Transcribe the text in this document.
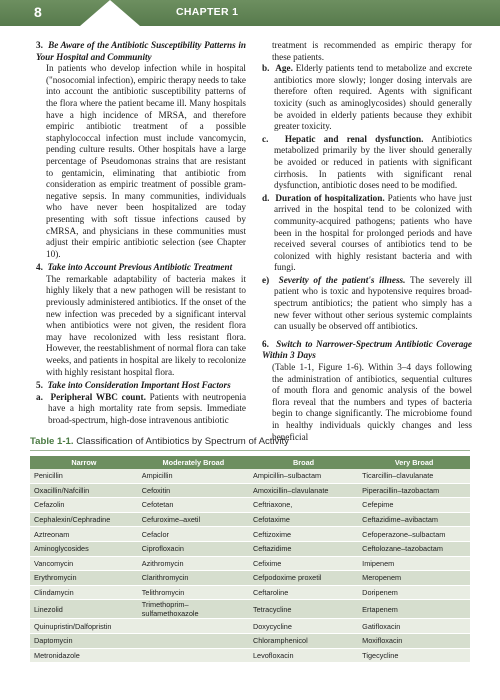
8	CHAPTER 1

3. Be Aware of the Antibiotic Susceptibility Patterns in Your Hospital and Community

In patients who develop infection while in hospital ("nosocomial infection), empiric therapy needs to take into account the antibiotic susceptibility patterns of the flora where the patient became ill. Many hospitals have a high incidence of MRSA, and therefore empiric antibiotic treatment of a possible staphylococcal infection must include vancomycin, pending culture results. Other hospitals have a large percentage of Pseudomonas strains that are resistant to gentamicin, eliminating that antibiotic from consideration as empiric treatment of possible gram-negative sepsis. In many communities, individuals who have never been hospitalized are today presenting with soft tissue infections caused by cMRSA, and physicians in these communities must adjust their empiric antibiotic selection (see Chapter 10).

4. Take into Account Previous Antibiotic Treatment

The remarkable adaptability of bacteria makes it highly likely that a new pathogen will be resistant to previously administered antibiotics. If the onset of the new infection was preceded by a significant interval when antibiotics were not given, the resident flora may have recolonized with less resistant flora. However, the reestablishment of normal flora can take weeks, and patients in hospital are likely to recolonize with highly resistant hospital flora.

5. Take into Consideration Important Host Factors

a. Peripheral WBC count. Patients with neutropenia have a high mortality rate from sepsis. Immediate broad-spectrum, high-dose intravenous antibiotic

treatment is recommended as empiric therapy for these patients.

b. Age. Elderly patients tend to metabolize and excrete antibiotics more slowly; longer dosing intervals are therefore often required. Agents with significant toxicity (such as aminoglycosides) should generally be avoided in elderly patients because they exhibit greater toxicity.

c. Hepatic and renal dysfunction. Antibiotics metabolized primarily by the liver should generally be avoided or reduced in patients with significant cirrhosis. In patients with significant renal dysfunction, antibiotic doses need to be modified.

d. Duration of hospitalization. Patients who have just arrived in the hospital tend to be colonized with community-acquired pathogens; patients who have been in the hospital for prolonged periods and have received several courses of antibiotics tend to be colonized with highly resistant bacteria and with fungi.

e) Severity of the patient's illness. The severely ill patient who is toxic and hypotensive requires broad-spectrum antibiotics; the patient who simply has a new fever without other serious systemic complaints can usually be observed off antibiotics.

6. Switch to Narrower-Spectrum Antibiotic Coverage Within 3 Days

(Table 1-1, Figure 1-6). Within 3–4 days following the administration of antibiotics, sequential cultures of mouth flora and genomic analysis of the bowel flora reveal that the numbers and types of bacteria begin to change significantly. The microbiome found in healthy individuals quickly changes and less beneficial

Table 1-1. Classification of Antibiotics by Spectrum of Activity
Narrow	Moderately Broad	Broad	Very Broad
Penicillin	Ampicillin	Ampicillin–sulbactam	Ticarcillin–clavulanate
Oxacillin/Nafcillin	Cefoxitin	Amoxicillin–clavulanate	Piperacillin–tazobactam
Cefazolin	Cefotetan	Ceftriaxone,	Cefepime
Cephalexin/Cephradine	Cefuroxime–axetil	Cefotaxime	Ceftazidime–avibactam
Aztreonam	Cefaclor	Ceftizoxime	Cefoperazone–sulbactam
Aminoglycosides	Ciprofloxacin	Ceftazidime	Ceftolozane–tazobactam
Vancomycin	Azithromycin	Cefixime	Imipenem
Erythromycin	Clarithromycin	Cefpodoxime proxetil	Meropenem
Clindamycin	Telithromycin	Ceftaroline	Doripenem
Linezolid	Trimethoprim–sulfamethoxazole	Tetracycline	Ertapenem
Quinupristin/Dalfopristin		Doxycycline	Gatifloxacin
Daptomycin		Chloramphenicol	Moxifloxacin
Metronidazole		Levofloxacin	Tigecycline
